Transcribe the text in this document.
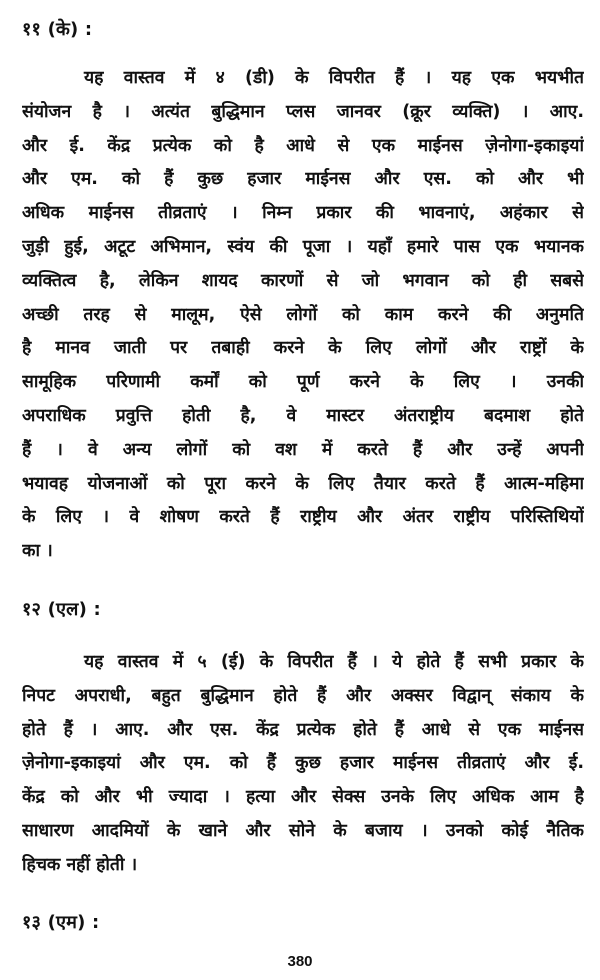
११ (के) :
यह वास्तव में ४ (डी) के विपरीत हैं । यह एक भयभीत
संयोजन है । अत्यंत बुद्धिमान प्लस जानवर (क्रूर व्यक्ति) । आए.
और ई. केंद्र प्रत्येक को है आधे से एक माईनस ज़ेनोगा-इकाइयां
और एम. को हैं कुछ हजार माईनस और एस. को और भी
अधिक माईनस तीव्रताएं । निम्न प्रकार की भावनाएं, अहंकार से
जुड़ी हुई, अटूट अभिमान, स्वंय की पूजा । यहाँ हमारे पास एक भयानक
व्यक्तित्व है, लेकिन शायद कारणों से जो भगवान को ही सबसे
अच्छी तरह से मालूम, ऐसे लोगों को काम करने की अनुमति
है मानव जाती पर तबाही करने के लिए लोगों और राष्ट्रों के
सामूहिक परिणामी कर्मों को पूर्ण करने के लिए । उनकी
अपराधिक प्रवुत्ति होती है, वे मास्टर अंतराष्ट्रीय बदमाश होते
हैं । वे अन्य लोगों को वश में करते हैं और उन्हें अपनी
भयावह योजनाओं को पूरा करने के लिए तैयार करते हैं आत्म-महिमा
के लिए । वे शोषण करते हैं राष्ट्रीय और अंतर राष्ट्रीय परिस्तिथियों
का ।
१२ (एल) :
यह वास्तव में ५ (ई) के विपरीत हैं । ये होते हैं सभी प्रकार के
निपट अपराधी, बहुत बुद्धिमान होते हैं और अक्सर विद्वान् संकाय के
होते हैं । आए. और एस. केंद्र प्रत्येक होते हैं आधे से एक माईनस
ज़ेनोगा-इकाइयां और एम. को हैं कुछ हजार माईनस तीव्रताएं और ई.
केंद्र को और भी ज्यादा । हत्या और सेक्स उनके लिए अधिक आम है
साधारण आदमियों के खाने और सोने के बजाय । उनको कोई नैतिक
हिचक नहीं होती ।
१३ (एम) :
380
